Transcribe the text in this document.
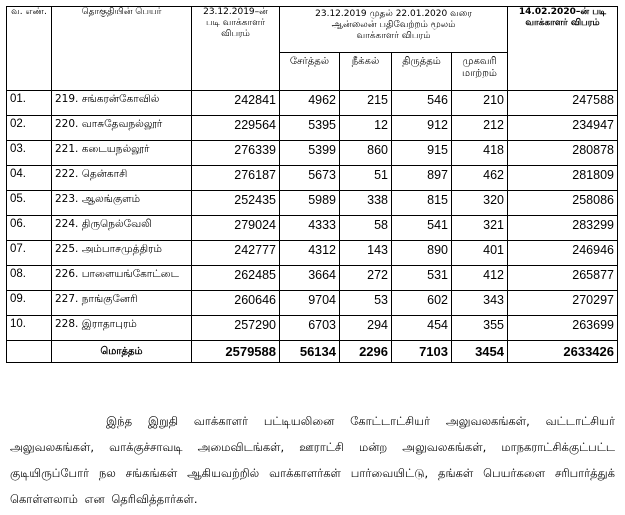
வ. எண்.	தொகுதியின் பெயர்	23.12.2019–ன் படி வாக்காளர் விபரம்	23.12.2019 முதல் 22.01.2020 வரை ஆன்லைன் பதிவேற்றம் மூலம் வாக்காளர் விபரம்				14.02.2020–ன் படி வாக்காளர் விபரம்
			சேர்த்தல்	நீக்கல்	திருத்தம்	முகவரி மாற்றம்	
01.	219. சங்கரன்கோவில்	242841	4962	215	546	210	247588
02.	220. வாசுதேவநல்லூர்	229564	5395	12	912	212	234947
03.	221. கடையநல்லூர்	276339	5399	860	915	418	280878
04.	222. தென்காசி	276187	5673	51	897	462	281809
05.	223. ஆலங்குளம்	252435	5989	338	815	320	258086
06.	224. திருநெல்வேலி	279024	4333	58	541	321	283299
07.	225. அம்பாசமுத்திரம்	242777	4312	143	890	401	246946
08.	226. பாளையங்கோட்டை	262485	3664	272	531	412	265877
09.	227. நாங்குனேரி	260646	9704	53	602	343	270297
10.	228. இராதாபுரம்	257290	6703	294	454	355	263699
	மொத்தம்	2579588	56134	2296	7103	3454	2633426

இந்த இறுதி வாக்காளர் பட்டியலினை கோட்டாட்சியர் அலுவலகங்கள், வட்டாட்சியர் அலுவலகங்கள், வாக்குச்சாவடி அமைவிடங்கள், ஊராட்சி மன்ற அலுவலகங்கள், மாநகராட்சிக்குட்பட்ட குடியிருப்போர் நல சங்கங்கள் ஆகியவற்றில் வாக்காளர்கள் பார்வையிட்டு, தங்கள் பெயர்களை சரிபார்த்துக் கொள்ளலாம் என தெரிவித்தார்கள்.
